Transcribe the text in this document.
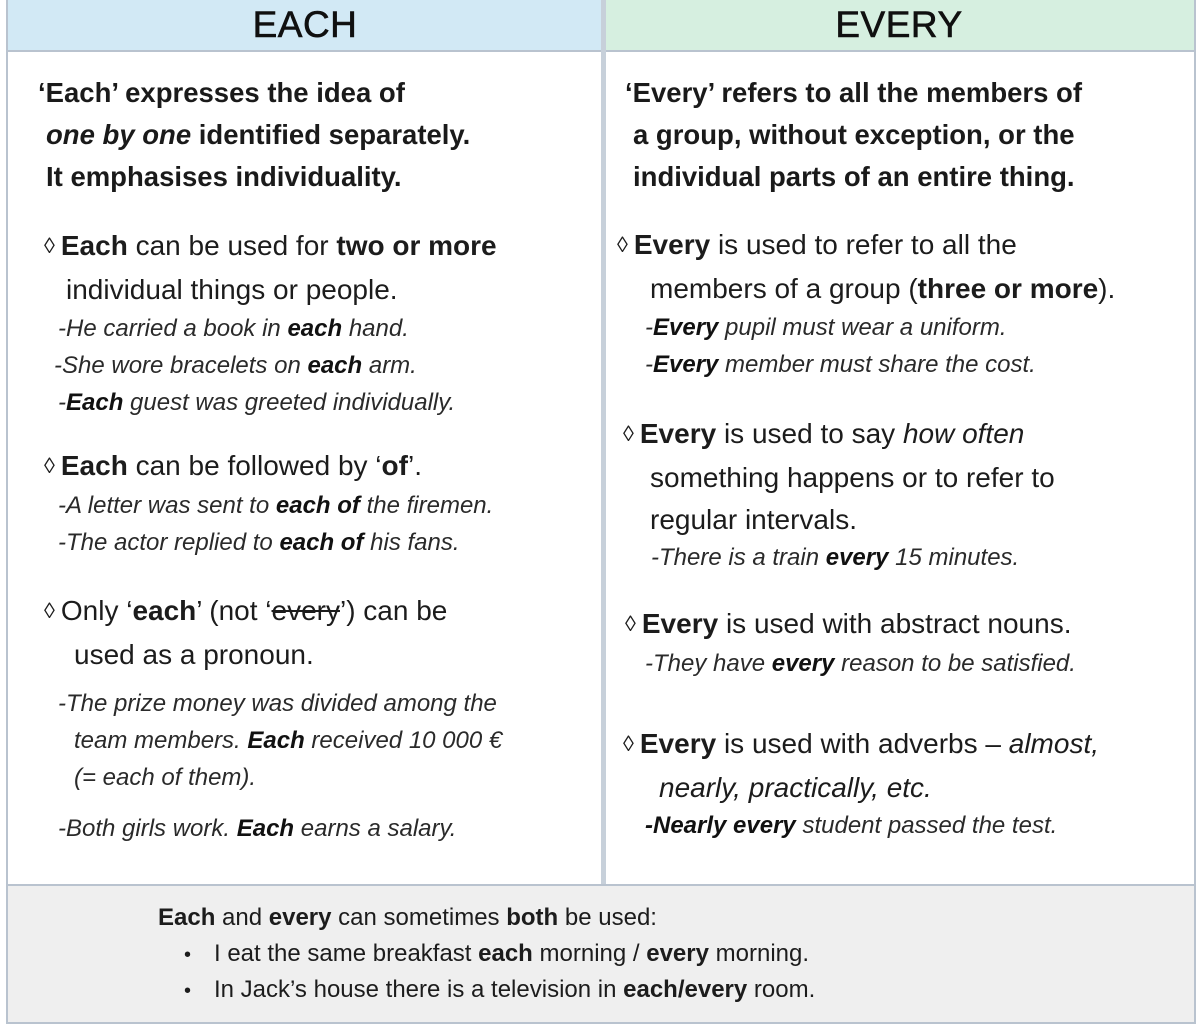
EACH	EVERY
‘Each’ expresses the idea of
one by one identified separately.
It emphasises individuality.
◊ Each can be used for two or more
individual things or people.
-He carried a book in each hand.
-She wore bracelets on each arm.
-Each guest was greeted individually.
◊ Each can be followed by ‘of’.
-A letter was sent to each of the firemen.
-The actor replied to each of his fans.
◊ Only ‘each’ (not ‘every’) can be
used as a pronoun.
-The prize money was divided among the
team members. Each received 10 000 €
(= each of them).
-Both girls work. Each earns a salary.
‘Every’ refers to all the members of
a group, without exception, or the
individual parts of an entire thing.
◊ Every is used to refer to all the
members of a group (three or more).
-Every pupil must wear a uniform.
-Every member must share the cost.
◊ Every is used to say how often
something happens or to refer to
regular intervals.
-There is a train every 15 minutes.
◊ Every is used with abstract nouns.
-They have every reason to be satisfied.
◊ Every is used with adverbs – almost,
nearly, practically, etc.
-Nearly every student passed the test.
Each and every can sometimes both be used:
• I eat the same breakfast each morning / every morning.
• In Jack’s house there is a television in each/every room.
